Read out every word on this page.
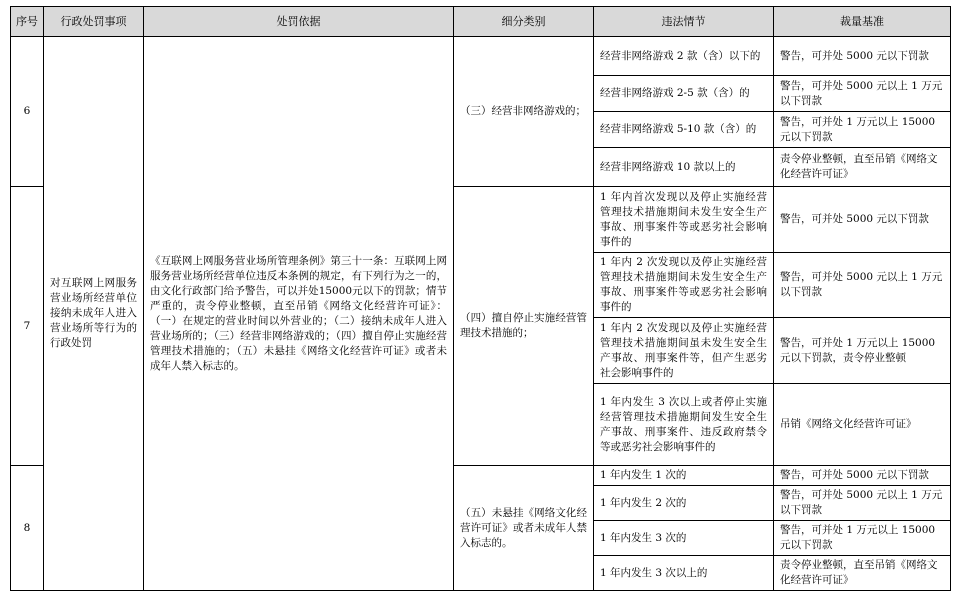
序号	行政处罚事项	处罚依据	细分类别	违法情节	裁量基准
6	对互联网上网服务营业场所经营单位接纳未成年人进入营业场所等行为的行政处罚	《互联网上网服务营业场所管理条例》第三十一条：互联网上网服务营业场所经营单位违反本条例的规定，有下列行为之一的，由文化行政部门给予警告，可以并处15000元以下的罚款；情节严重的，责令停业整顿，直至吊销《网络文化经营许可证》：（一）在规定的营业时间以外营业的；（二）接纳未成年人进入营业场所的；（三）经营非网络游戏的；（四）擅自停止实施经营管理技术措施的；（五）未悬挂《网络文化经营许可证》或者未成年人禁入标志的。	（三）经营非网络游戏的；	经营非网络游戏 2 款（含）以下的	警告，可并处 5000 元以下罚款
				经营非网络游戏 2-5 款（含）的	警告，可并处 5000 元以上 1 万元以下罚款
				经营非网络游戏 5-10 款（含）的	警告，可并处 1 万元以上 15000 元以下罚款
				经营非网络游戏 10 款以上的	责令停业整顿，直至吊销《网络文化经营许可证》
7			（四）擅自停止实施经营管理技术措施的；	1 年内首次发现以及停止实施经营管理技术措施期间未发生安全生产事故、刑事案件等或恶劣社会影响事件的	警告，可并处 5000 元以下罚款
				1 年内 2 次发现以及停止实施经营管理技术措施期间未发生安全生产事故、刑事案件等或恶劣社会影响事件的	警告，可并处 5000 元以上 1 万元以下罚款
				1 年内 2 次发现以及停止实施经营管理技术措施期间虽未发生安全生产事故、刑事案件等，但产生恶劣社会影响事件的	警告，可并处 1 万元以上 15000 元以下罚款，责令停业整顿
				1 年内发生 3 次以上或者停止实施经营管理技术措施期间发生安全生产事故、刑事案件、违反政府禁令等或恶劣社会影响事件的	吊销《网络文化经营许可证》
8			（五）未悬挂《网络文化经营许可证》或者未成年人禁入标志的。	1 年内发生 1 次的	警告，可并处 5000 元以下罚款
				1 年内发生 2 次的	警告，可并处 5000 元以上 1 万元以下罚款
				1 年内发生 3 次的	警告，可并处 1 万元以上 15000 元以下罚款
				1 年内发生 3 次以上的	责令停业整顿，直至吊销《网络文化经营许可证》
